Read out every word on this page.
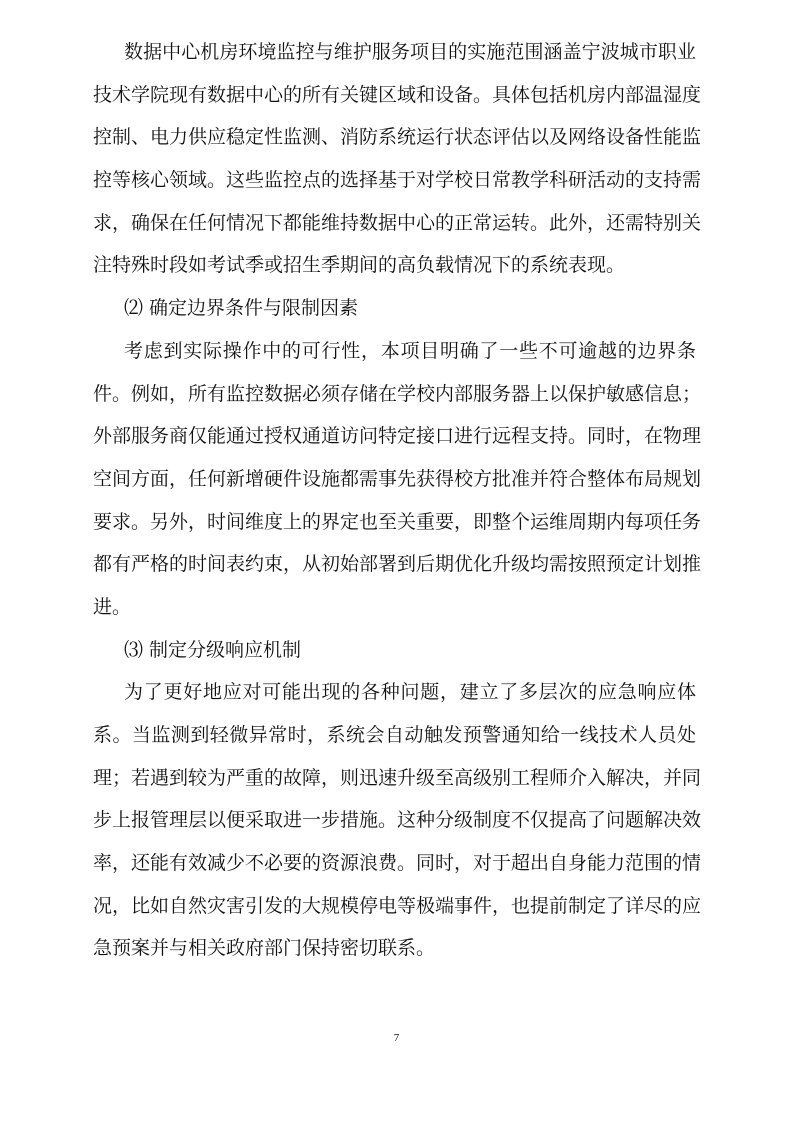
数据中心机房环境监控与维护服务项目的实施范围涵盖宁波城市职业
技术学院现有数据中心的所有关键区域和设备。具体包括机房内部温湿度
控制、电力供应稳定性监测、消防系统运行状态评估以及网络设备性能监
控等核心领域。这些监控点的选择基于对学校日常教学科研活动的支持需
求，确保在任何情况下都能维持数据中心的正常运转。此外，还需特别关
注特殊时段如考试季或招生季期间的高负载情况下的系统表现。
⑵ 确定边界条件与限制因素
考虑到实际操作中的可行性，本项目明确了一些不可逾越的边界条
件。例如，所有监控数据必须存储在学校内部服务器上以保护敏感信息；
外部服务商仅能通过授权通道访问特定接口进行远程支持。同时，在物理
空间方面，任何新增硬件设施都需事先获得校方批准并符合整体布局规划
要求。另外，时间维度上的界定也至关重要，即整个运维周期内每项任务
都有严格的时间表约束，从初始部署到后期优化升级均需按照预定计划推
进。
⑶ 制定分级响应机制
为了更好地应对可能出现的各种问题，建立了多层次的应急响应体
系。当监测到轻微异常时，系统会自动触发预警通知给一线技术人员处
理；若遇到较为严重的故障，则迅速升级至高级别工程师介入解决，并同
步上报管理层以便采取进一步措施。这种分级制度不仅提高了问题解决效
率，还能有效减少不必要的资源浪费。同时，对于超出自身能力范围的情
况，比如自然灾害引发的大规模停电等极端事件，也提前制定了详尽的应
急预案并与相关政府部门保持密切联系。
7
